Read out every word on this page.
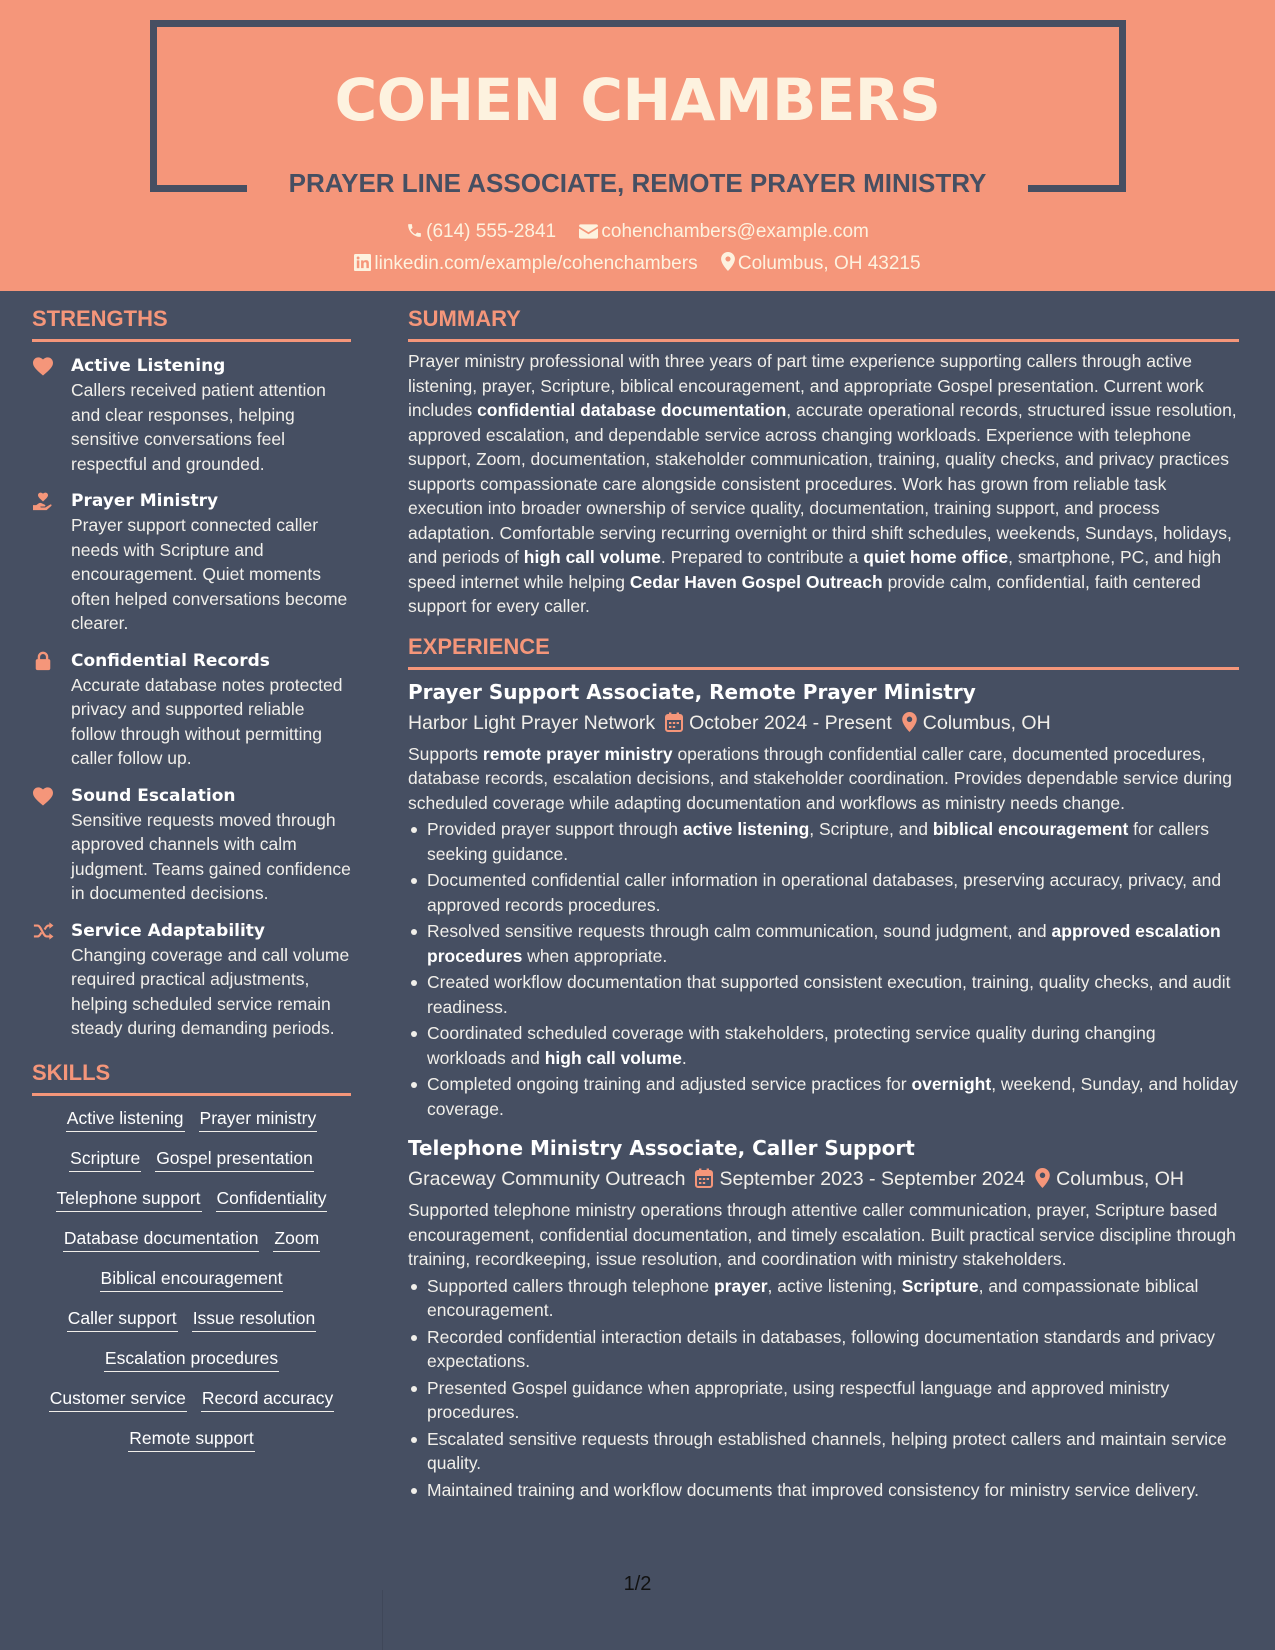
COHEN CHAMBERS
PRAYER LINE ASSOCIATE, REMOTE PRAYER MINISTRY
(614) 555-2841 cohenchambers@example.com
linkedin.com/example/cohenchambers Columbus, OH 43215
STRENGTHS
Active Listening
Callers received patient attention and clear responses, helping sensitive conversations feel respectful and grounded.
Prayer Ministry
Prayer support connected caller needs with Scripture and encouragement. Quiet moments often helped conversations become clearer.
Confidential Records
Accurate database notes protected privacy and supported reliable follow through without permitting caller follow up.
Sound Escalation
Sensitive requests moved through approved channels with calm judgment. Teams gained confidence in documented decisions.
Service Adaptability
Changing coverage and call volume required practical adjustments, helping scheduled service remain steady during demanding periods.
SKILLS
Active listening Prayer ministry
Scripture Gospel presentation
Telephone support Confidentiality
Database documentation Zoom
Biblical encouragement
Caller support Issue resolution
Escalation procedures
Customer service Record accuracy
Remote support
SUMMARY

Prayer ministry professional with three years of part time experience supporting callers through active listening, prayer, Scripture, biblical encouragement, and appropriate Gospel presentation. Current work includes confidential database documentation, accurate operational records, structured issue resolution, approved escalation, and dependable service across changing workloads. Experience with telephone support, Zoom, documentation, stakeholder communication, training, quality checks, and privacy practices supports compassionate care alongside consistent procedures. Work has grown from reliable task execution into broader ownership of service quality, documentation, training support, and process adaptation. Comfortable serving recurring overnight or third shift schedules, weekends, Sundays, holidays, and periods of high call volume. Prepared to contribute a quiet home office, smartphone, PC, and high speed internet while helping Cedar Haven Gospel Outreach provide calm, confidential, faith centered support for every caller.

EXPERIENCE
Prayer Support Associate, Remote Prayer Ministry
Harbor Light Prayer Network October 2024 - Present Columbus, OH

Supports remote prayer ministry operations through confidential caller care, documented procedures, database records, escalation decisions, and stakeholder coordination. Provides dependable service during scheduled coverage while adapting documentation and workflows as ministry needs change.

Provided prayer support through active listening, Scripture, and biblical encouragement for callers seeking guidance.
Documented confidential caller information in operational databases, preserving accuracy, privacy, and approved records procedures.
Resolved sensitive requests through calm communication, sound judgment, and approved escalation procedures when appropriate.
Created workflow documentation that supported consistent execution, training, quality checks, and audit readiness.
Coordinated scheduled coverage with stakeholders, protecting service quality during changing workloads and high call volume.
Completed ongoing training and adjusted service practices for overnight, weekend, Sunday, and holiday coverage.
Telephone Ministry Associate, Caller Support
Graceway Community Outreach September 2023 - September 2024 Columbus, OH

Supported telephone ministry operations through attentive caller communication, prayer, Scripture based encouragement, confidential documentation, and timely escalation. Built practical service discipline through training, recordkeeping, issue resolution, and coordination with ministry stakeholders.

Supported callers through telephone prayer, active listening, Scripture, and compassionate biblical encouragement.
Recorded confidential interaction details in databases, following documentation standards and privacy expectations.
Presented Gospel guidance when appropriate, using respectful language and approved ministry procedures.
Escalated sensitive requests through established channels, helping protect callers and maintain service quality.
Maintained training and workflow documents that improved consistency for ministry service delivery.
1/2
